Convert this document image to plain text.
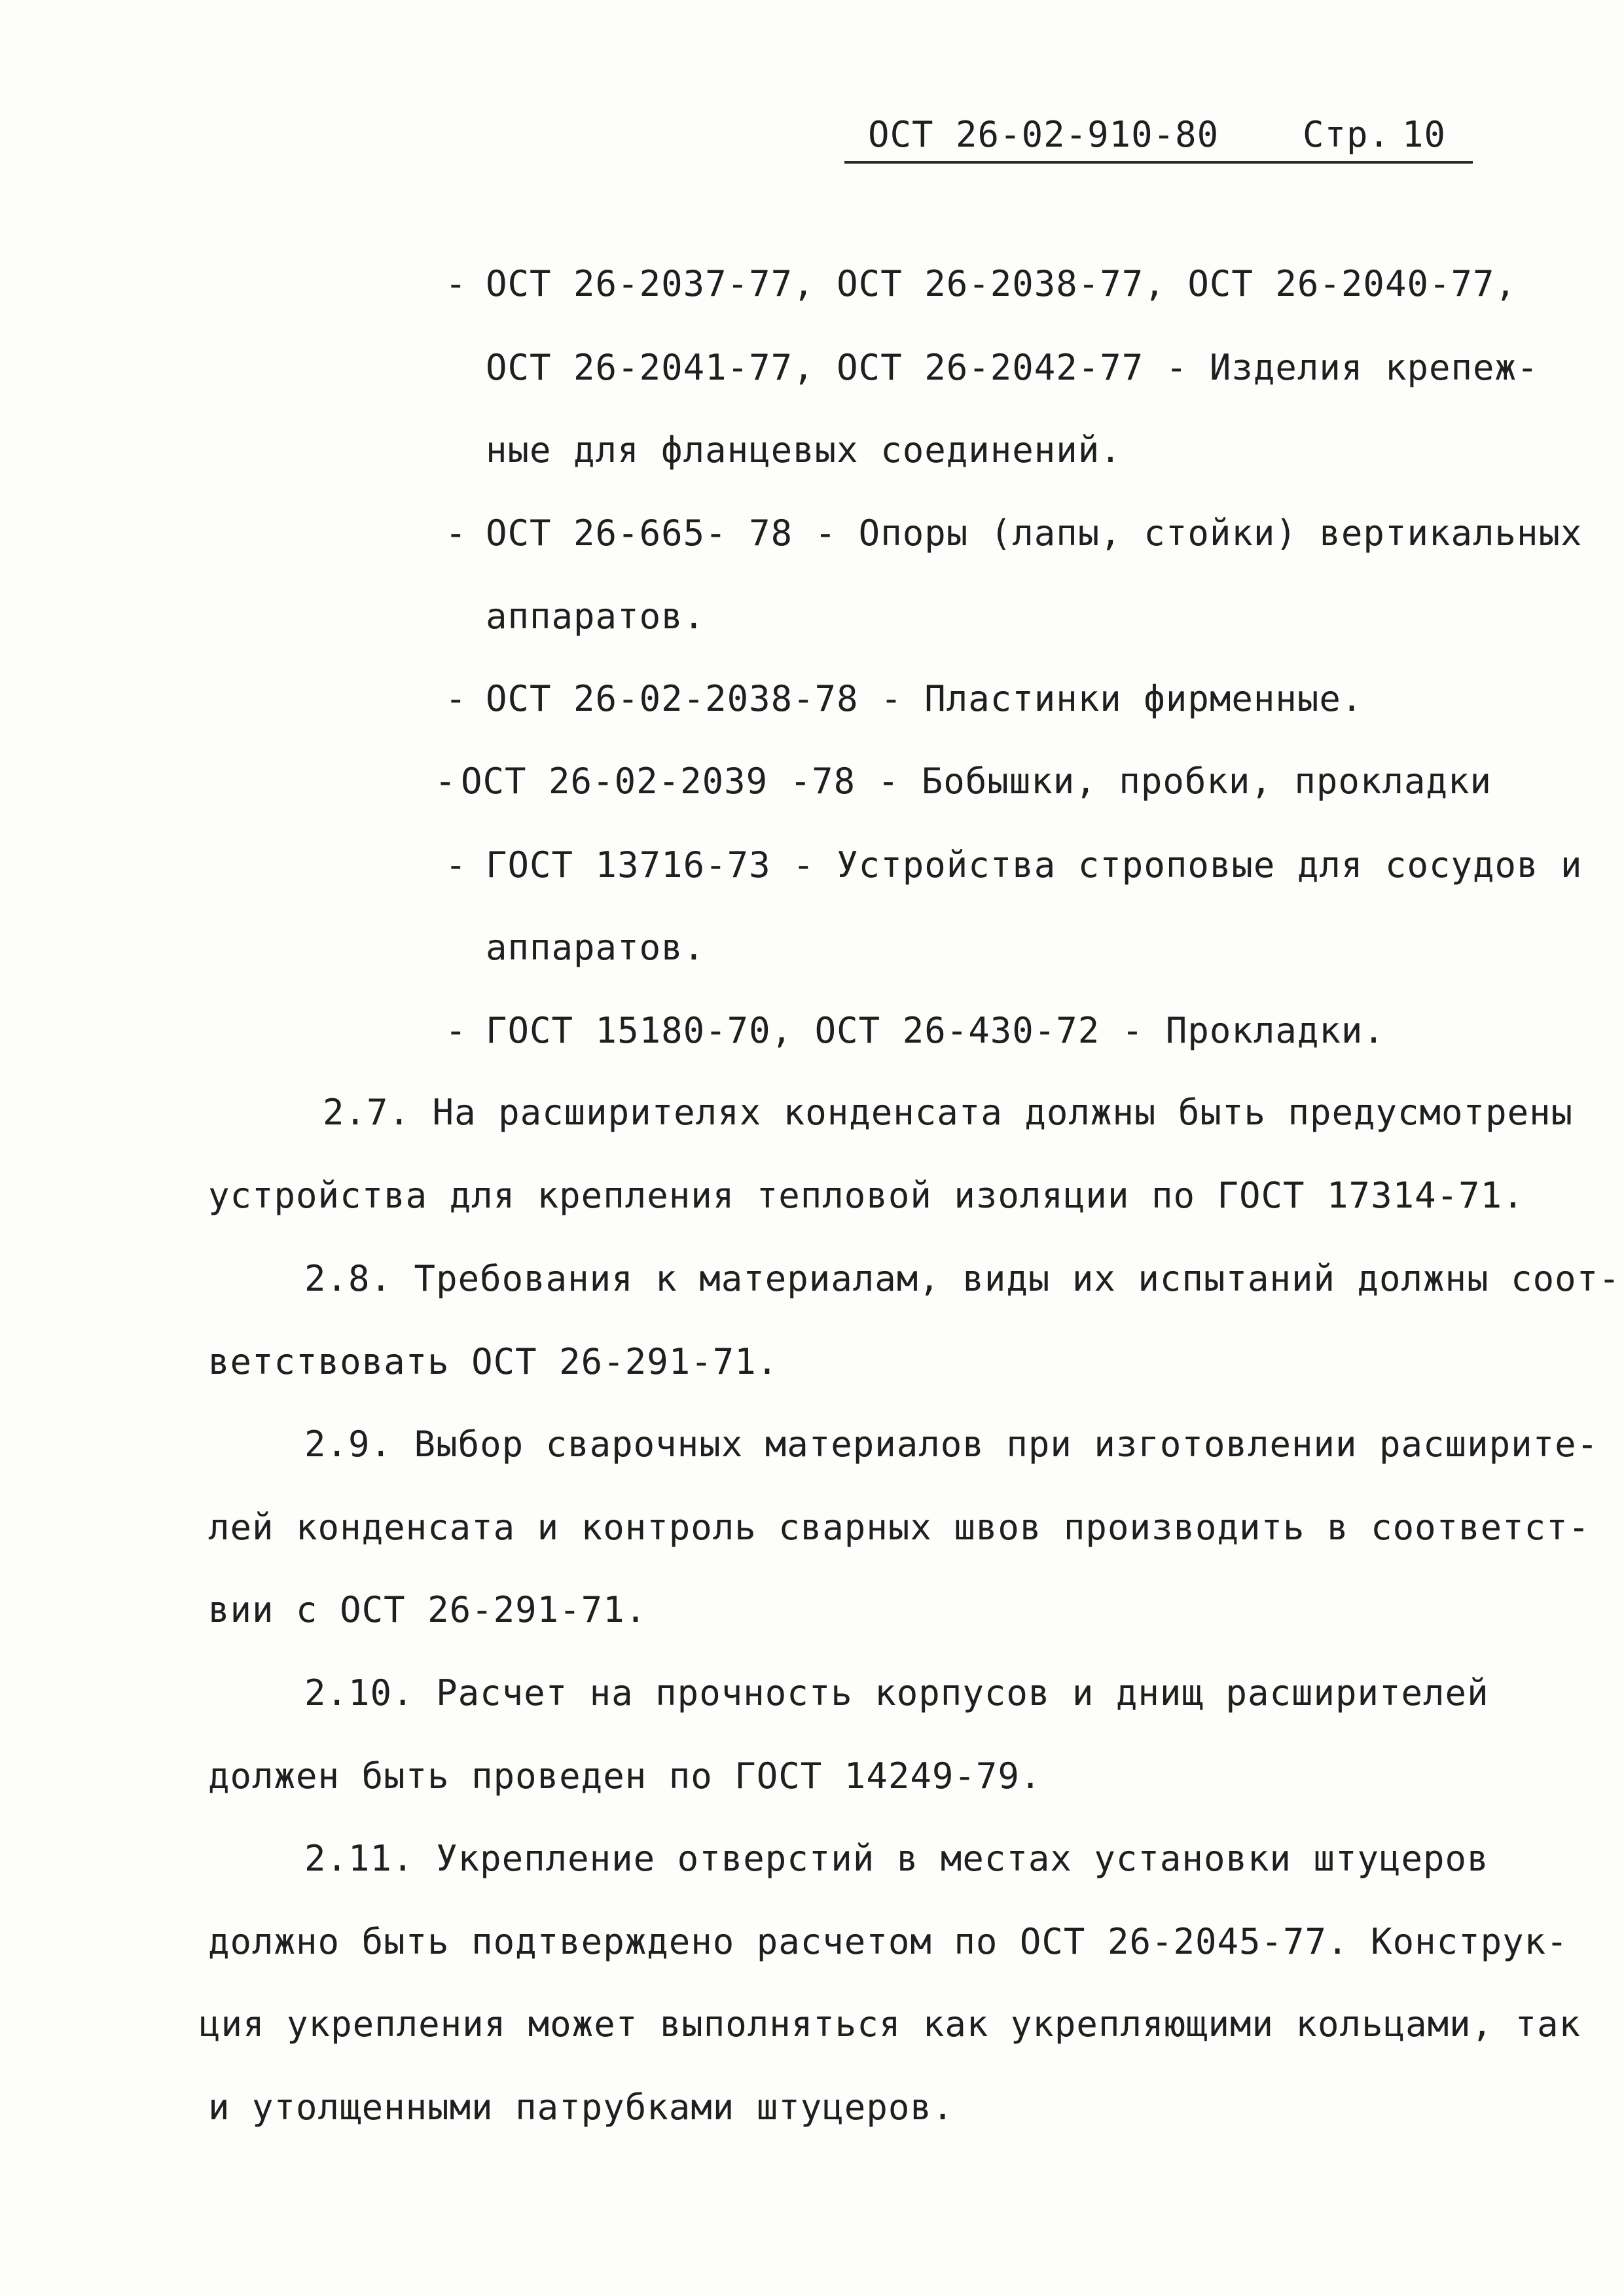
ОСТ 26-02-910-80 Стр. 10
- ОСТ 26-2037-77, ОСТ 26-2038-77, ОСТ 26-2040-77,
ОСТ 26-2041-77, ОСТ 26-2042-77 - Изделия крепеж-
ные для фланцевых соединений.
- ОСТ 26-665- 78 - Опоры (лапы, стойки) вертикальных
аппаратов.
- ОСТ 26-02-2038-78 - Пластинки фирменные.
- ОСТ 26-02-2039 -78 - Бобышки, пробки, прокладки
- ГОСТ 13716-73 - Устройства строповые для сосудов и
аппаратов.
- ГОСТ 15180-70, ОСТ 26-430-72 - Прокладки.
2.7. На расширителях конденсата должны быть предусмотрены
устройства для крепления тепловой изоляции по ГОСТ 17314-71.
2.8. Требования к материалам, виды их испытаний должны соот-
ветствовать ОСТ 26-291-71.
2.9. Выбор сварочных материалов при изготовлении расширите-
лей конденсата и контроль сварных швов производить в соответст-
вии с ОСТ 26-291-71.
2.10. Расчет на прочность корпусов и днищ расширителей
должен быть проведен по ГОСТ 14249-79.
2.11. Укрепление отверстий в местах установки штуцеров
должно быть подтверждено расчетом по ОСТ 26-2045-77. Конструк-
ция укрепления может выполняться как укрепляющими кольцами, так
и утолщенными патрубками штуцеров.
